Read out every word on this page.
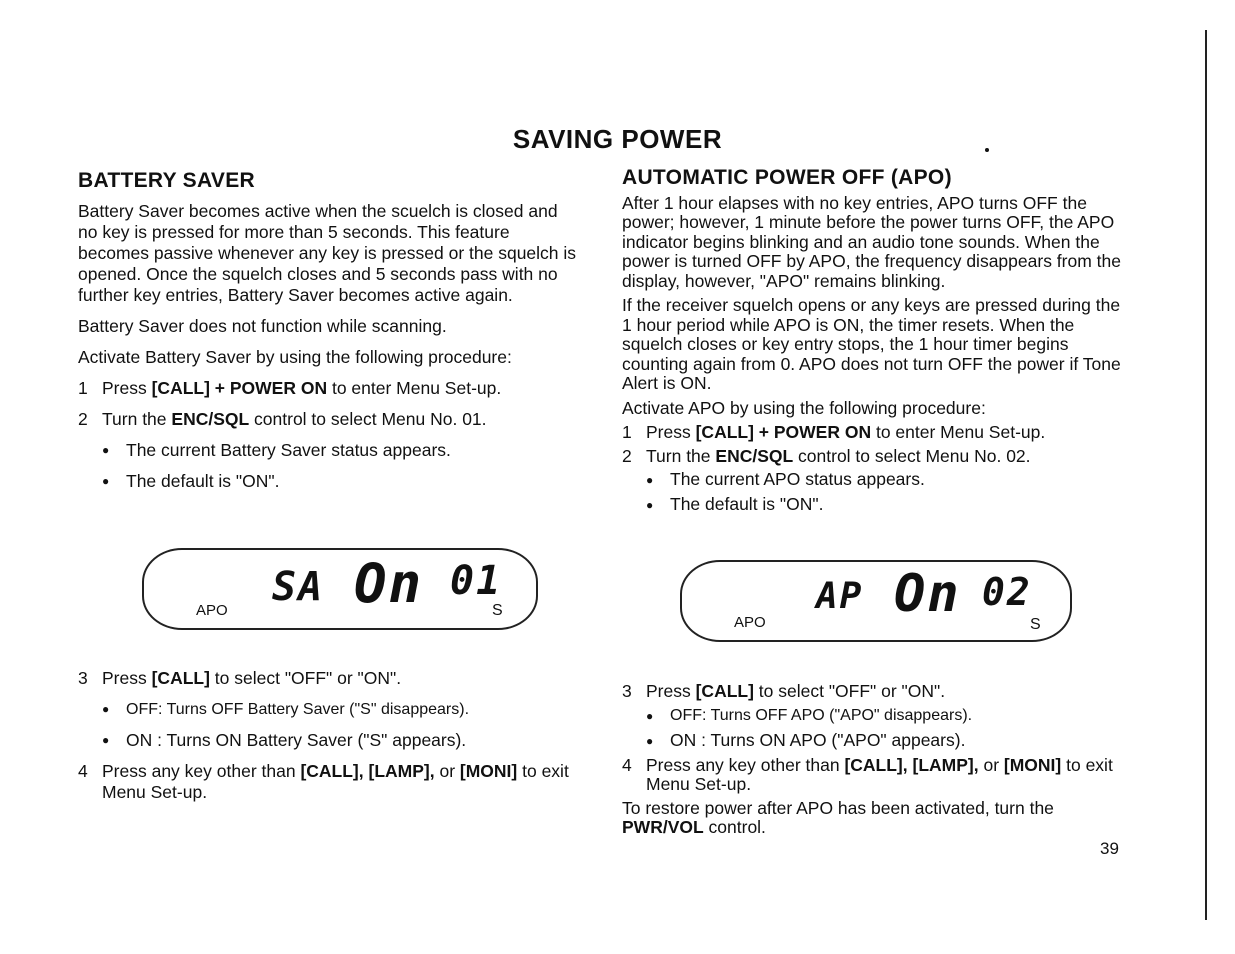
SAVING POWER
BATTERY SAVER

Battery Saver becomes active when the scuelch is closed and no key is pressed for more than 5 seconds. This feature becomes passive whenever any key is pressed or the squelch is opened. Once the squelch closes and 5 seconds pass with no further key entries, Battery Saver becomes active again.

Battery Saver does not function while scanning.

Activate Battery Saver by using the following procedure:

1 Press [CALL] + POWER ON to enter Menu Set-up.
2 Turn the ENC/SQL control to select Menu No. 01.
● The current Battery Saver status appears.
● The default is "ON".
SA On 01
APO	S
3 Press [CALL] to select "OFF" or "ON".
●	OFF: Turns OFF Battery Saver ("S" disappears).
● ON : Turns ON Battery Saver ("S" appears).
4 Press any key other than [CALL], [LAMP], or [MONI] to exit Menu Set-up.
AUTOMATIC POWER OFF (APO)

After 1 hour elapses with no key entries, APO turns OFF the power; however, 1 minute before the power turns OFF, the APO indicator begins blinking and an audio tone sounds. When the power is turned OFF by APO, the frequency disappears from the display, however, "APO" remains blinking.

If the receiver squelch opens or any keys are pressed during the 1 hour period while APO is ON, the timer resets. When the squelch closes or key entry stops, the 1 hour timer begins counting again from 0. APO does not turn OFF the power if Tone Alert is ON.

Activate APO by using the following procedure:

1 Press [CALL] + POWER ON to enter Menu Set-up.
2 Turn the ENC/SQL control to select Menu No. 02.
● The current APO status appears.
● The default is "ON".
AP On 02
APO	S
3 Press [CALL] to select "OFF" or "ON".
●	OFF: Turns OFF APO ("APO" disappears).
● ON : Turns ON APO ("APO" appears).
4 Press any key other than [CALL], [LAMP], or [MONI] to exit Menu Set-up.

To restore power after APO has been activated, turn the PWR/VOL control.

39
